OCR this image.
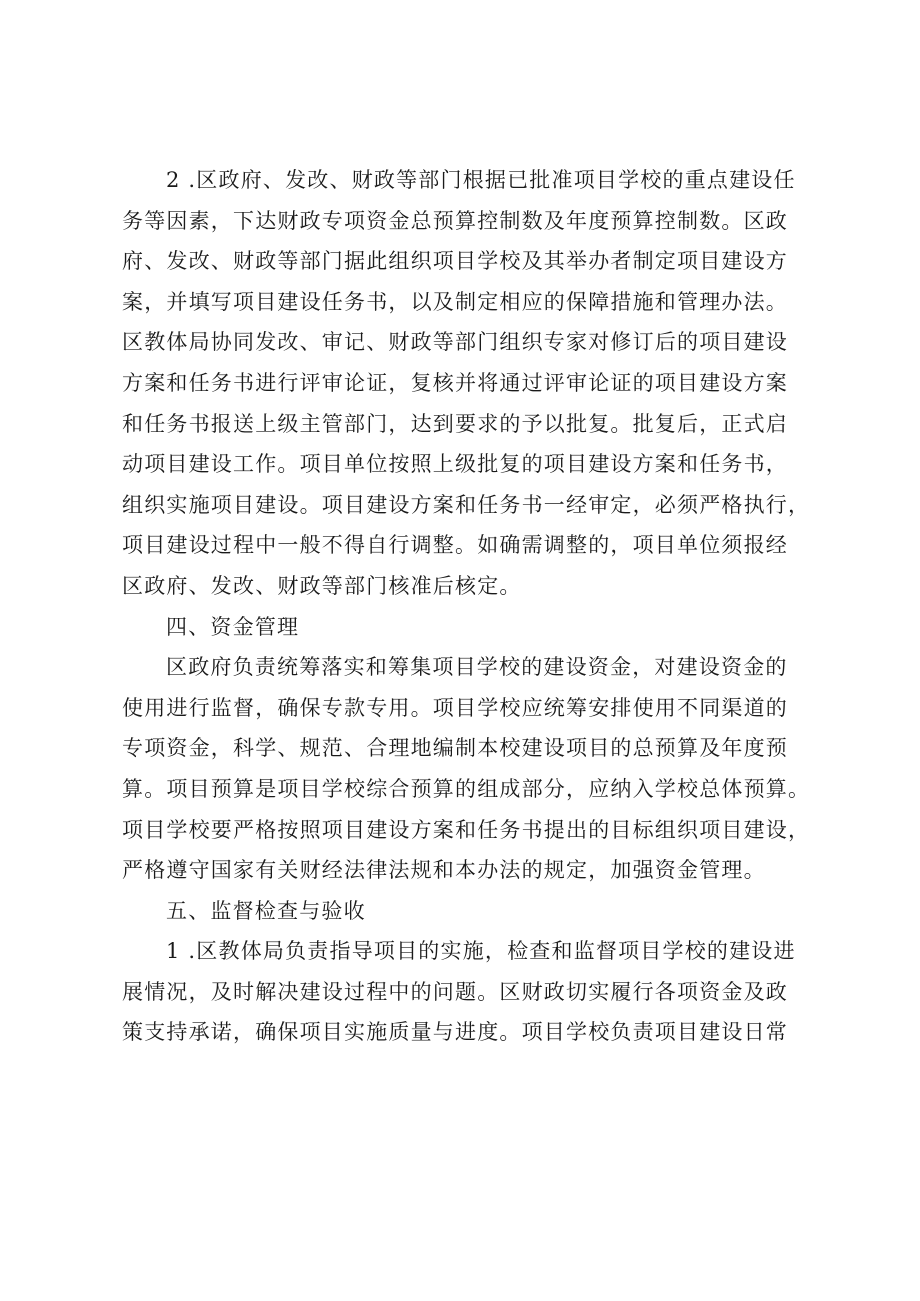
2 .区政府、发改、财政等部门根据已批准项目学校的重点建设任
务等因素，下达财政专项资金总预算控制数及年度预算控制数。区政
府、发改、财政等部门据此组织项目学校及其举办者制定项目建设方
案，并填写项目建设任务书，以及制定相应的保障措施和管理办法。
区教体局协同发改、审记、财政等部门组织专家对修订后的项目建设
方案和任务书进行评审论证，复核并将通过评审论证的项目建设方案
和任务书报送上级主管部门，达到要求的予以批复。批复后，正式启
动项目建设工作。项目单位按照上级批复的项目建设方案和任务书，
组织实施项目建设。项目建设方案和任务书一经审定，必须严格执行，
项目建设过程中一般不得自行调整。如确需调整的，项目单位须报经
区政府、发改、财政等部门核准后核定。
四、资金管理
区政府负责统筹落实和筹集项目学校的建设资金，对建设资金的
使用进行监督，确保专款专用。项目学校应统筹安排使用不同渠道的
专项资金，科学、规范、合理地编制本校建设项目的总预算及年度预
算。项目预算是项目学校综合预算的组成部分，应纳入学校总体预算。
项目学校要严格按照项目建设方案和任务书提出的目标组织项目建设，
严格遵守国家有关财经法律法规和本办法的规定，加强资金管理。
五、监督检查与验收
1 .区教体局负责指导项目的实施，检查和监督项目学校的建设进
展情况，及时解决建设过程中的问题。区财政切实履行各项资金及政
策支持承诺，确保项目实施质量与进度。项目学校负责项目建设日常
